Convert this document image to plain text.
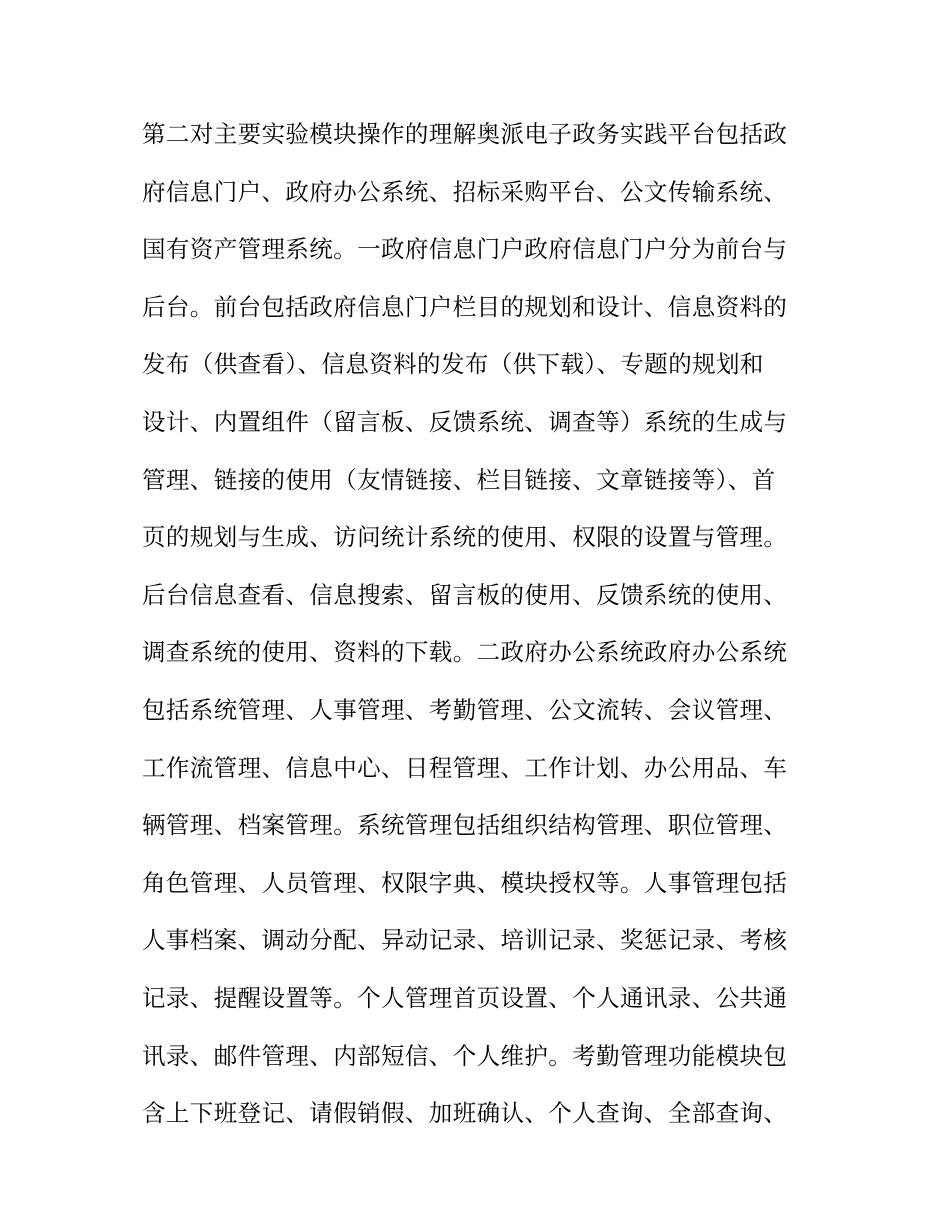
第二对主要实验模块操作的理解奥派电子政务实践平台包括政
府信息门户、政府办公系统、招标采购平台、公文传输系统、
国有资产管理系统。一政府信息门户政府信息门户分为前台与
后台。前台包括政府信息门户栏目的规划和设计、信息资料的
发布（供查看）、信息资料的发布（供下载）、专题的规划和
设计、内置组件（留言板、反馈系统、调查等）系统的生成与
管理、链接的使用（友情链接、栏目链接、文章链接等）、首
页的规划与生成、访问统计系统的使用、权限的设置与管理。
后台信息查看、信息搜索、留言板的使用、反馈系统的使用、
调查系统的使用、资料的下载。二政府办公系统政府办公系统
包括系统管理、人事管理、考勤管理、公文流转、会议管理、
工作流管理、信息中心、日程管理、工作计划、办公用品、车
辆管理、档案管理。系统管理包括组织结构管理、职位管理、
角色管理、人员管理、权限字典、模块授权等。人事管理包括
人事档案、调动分配、异动记录、培训记录、奖惩记录、考核
记录、提醒设置等。个人管理首页设置、个人通讯录、公共通
讯录、邮件管理、内部短信、个人维护。考勤管理功能模块包
含上下班登记、请假销假、加班确认、个人查询、全部查询、
